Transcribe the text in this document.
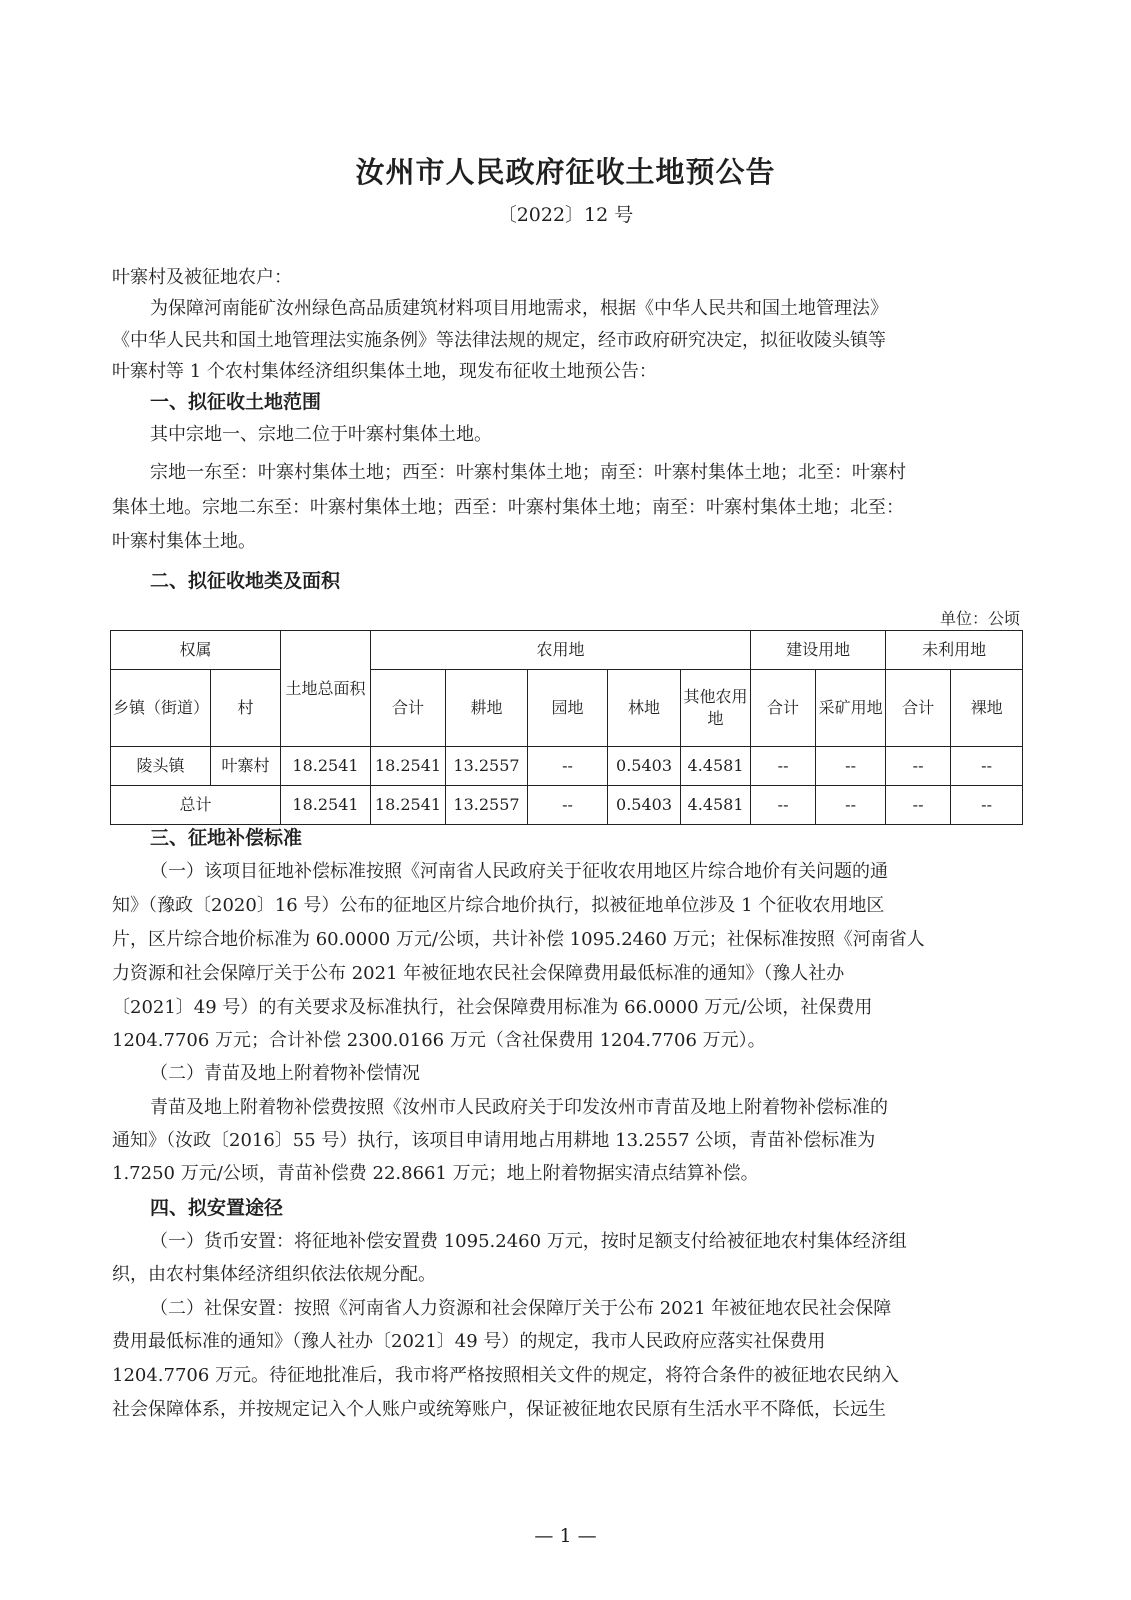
汝州市人民政府征收土地预公告
〔2022〕12 号
叶寨村及被征地农户：
为保障河南能矿汝州绿色高品质建筑材料项目用地需求，根据《中华人民共和国土地管理法》
《中华人民共和国土地管理法实施条例》等法律法规的规定，经市政府研究决定，拟征收陵头镇等
叶寨村等 1 个农村集体经济组织集体土地，现发布征收土地预公告：
一、拟征收土地范围
其中宗地一、宗地二位于叶寨村集体土地。
宗地一东至：叶寨村集体土地；西至：叶寨村集体土地；南至：叶寨村集体土地；北至：叶寨村
集体土地。宗地二东至：叶寨村集体土地；西至：叶寨村集体土地；南至：叶寨村集体土地；北至：
叶寨村集体土地。
二、拟征收地类及面积
单位：公顷
权属		土地总面积	农用地					建设用地		未利用地	
乡镇（街道）	村		合计	耕地	园地	林地	其他农用地	合计	采矿用地	合计	裸地
陵头镇	叶寨村	18.2541	18.2541	13.2557	--	0.5403	4.4581	--	--	--	--
总计		18.2541	18.2541	13.2557	--	0.5403	4.4581	--	--	--	--
三、征地补偿标准
（一）该项目征地补偿标准按照《河南省人民政府关于征收农用地区片综合地价有关问题的通
知》（豫政〔2020〕16 号）公布的征地区片综合地价执行，拟被征地单位涉及 1 个征收农用地区
片，区片综合地价标准为 60.0000 万元/公顷，共计补偿 1095.2460 万元；社保标准按照《河南省人
力资源和社会保障厅关于公布 2021 年被征地农民社会保障费用最低标准的通知》（豫人社办
〔2021〕49 号）的有关要求及标准执行，社会保障费用标准为 66.0000 万元/公顷，社保费用
1204.7706 万元；合计补偿 2300.0166 万元（含社保费用 1204.7706 万元）。
（二）青苗及地上附着物补偿情况
青苗及地上附着物补偿费按照《汝州市人民政府关于印发汝州市青苗及地上附着物补偿标准的
通知》（汝政〔2016〕55 号）执行，该项目申请用地占用耕地 13.2557 公顷，青苗补偿标准为
1.7250 万元/公顷，青苗补偿费 22.8661 万元；地上附着物据实清点结算补偿。
四、拟安置途径
（一）货币安置：将征地补偿安置费 1095.2460 万元，按时足额支付给被征地农村集体经济组
织，由农村集体经济组织依法依规分配。
（二）社保安置：按照《河南省人力资源和社会保障厅关于公布 2021 年被征地农民社会保障
费用最低标准的通知》（豫人社办〔2021〕49 号）的规定，我市人民政府应落实社保费用
1204.7706 万元。待征地批准后，我市将严格按照相关文件的规定，将符合条件的被征地农民纳入
社会保障体系，并按规定记入个人账户或统筹账户，保证被征地农民原有生活水平不降低，长远生
— 1 —
